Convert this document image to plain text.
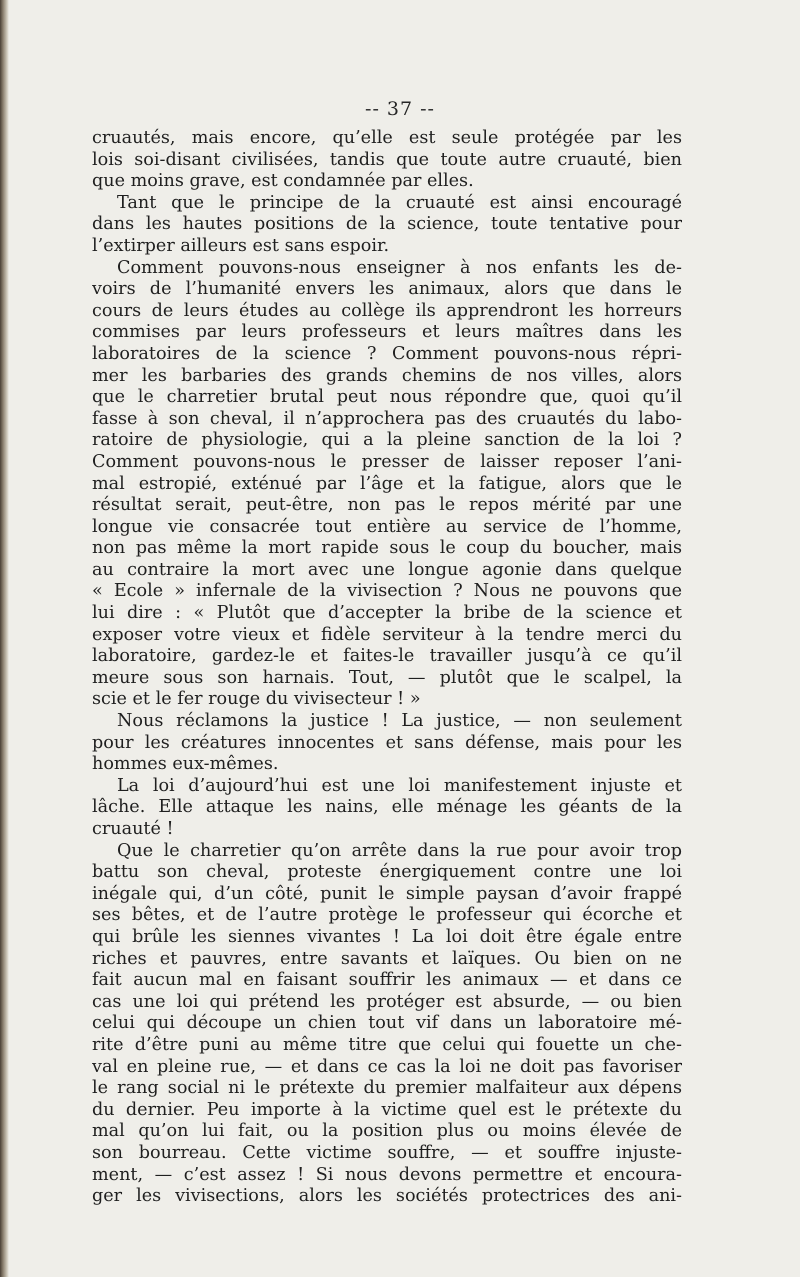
-- 37 --
cruautés, mais encore, qu’elle est seule protégée par les
lois soi-disant civilisées, tandis que toute autre cruauté, bien
que moins grave, est condamnée par elles.
Tant que le principe de la cruauté est ainsi encouragé
dans les hautes positions de la science, toute tentative pour
l’extirper ailleurs est sans espoir.
Comment pouvons-nous enseigner à nos enfants les de-
voirs de l’humanité envers les animaux, alors que dans le
cours de leurs études au collège ils apprendront les horreurs
commises par leurs professeurs et leurs maîtres dans les
laboratoires de la science ? Comment pouvons-nous répri-
mer les barbaries des grands chemins de nos villes, alors
que le charretier brutal peut nous répondre que, quoi qu’il
fasse à son cheval, il n’approchera pas des cruautés du labo-
ratoire de physiologie, qui a la pleine sanction de la loi ?
Comment pouvons-nous le presser de laisser reposer l’ani-
mal estropié, exténué par l’âge et la fatigue, alors que le
résultat serait, peut-être, non pas le repos mérité par une
longue vie consacrée tout entière au service de l’homme,
non pas même la mort rapide sous le coup du boucher, mais
au contraire la mort avec une longue agonie dans quelque
« Ecole » infernale de la vivisection ? Nous ne pouvons que
lui dire : « Plutôt que d’accepter la bribe de la science et
exposer votre vieux et fidèle serviteur à la tendre merci du
laboratoire, gardez-le et faites-le travailler jusqu’à ce qu’il
meure sous son harnais. Tout, — plutôt que le scalpel, la
scie et le fer rouge du vivisecteur ! »
Nous réclamons la justice ! La justice, — non seulement
pour les créatures innocentes et sans défense, mais pour les
hommes eux-mêmes.
La loi d’aujourd’hui est une loi manifestement injuste et
lâche. Elle attaque les nains, elle ménage les géants de la
cruauté !
Que le charretier qu’on arrête dans la rue pour avoir trop
battu son cheval, proteste énergiquement contre une loi
inégale qui, d’un côté, punit le simple paysan d’avoir frappé
ses bêtes, et de l’autre protège le professeur qui écorche et
qui brûle les siennes vivantes ! La loi doit être égale entre
riches et pauvres, entre savants et laïques. Ou bien on ne
fait aucun mal en faisant souffrir les animaux — et dans ce
cas une loi qui prétend les protéger est absurde, — ou bien
celui qui découpe un chien tout vif dans un laboratoire mé-
rite d’être puni au même titre que celui qui fouette un che-
val en pleine rue, — et dans ce cas la loi ne doit pas favoriser
le rang social ni le prétexte du premier malfaiteur aux dépens
du dernier. Peu importe à la victime quel est le prétexte du
mal qu’on lui fait, ou la position plus ou moins élevée de
son bourreau. Cette victime souffre, — et souffre injuste-
ment, — c’est assez ! Si nous devons permettre et encoura-
ger les vivisections, alors les sociétés protectrices des ani-
